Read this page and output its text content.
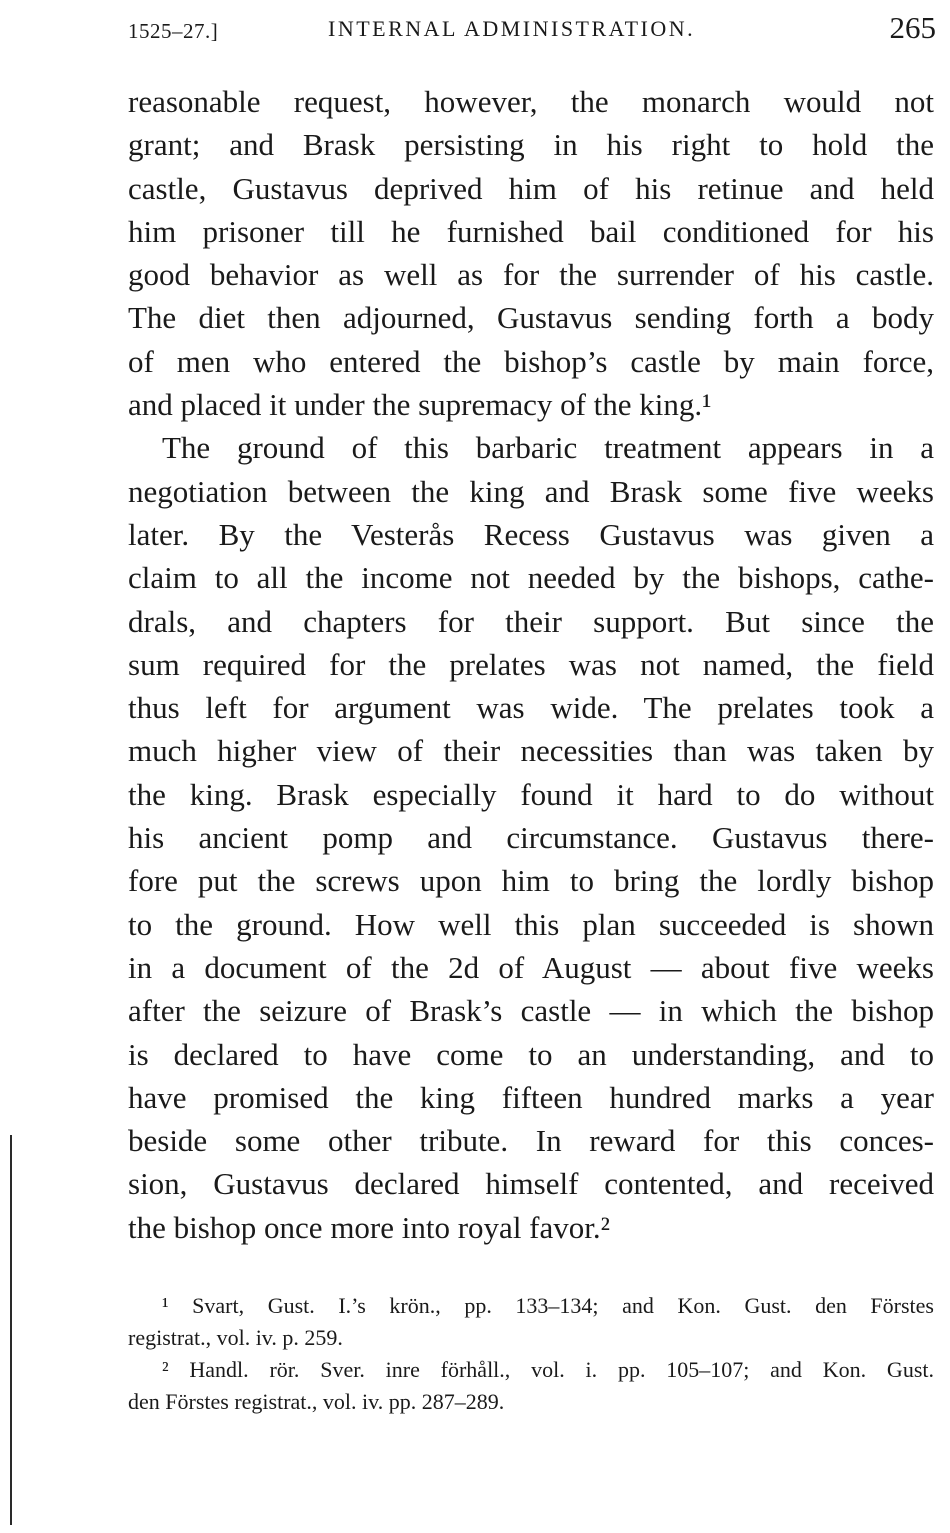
1525–27.]	INTERNAL ADMINISTRATION.	265
reasonable request, however, the monarch would not
grant; and Brask persisting in his right to hold the
castle, Gustavus deprived him of his retinue and held
him prisoner till he furnished bail conditioned for his
good behavior as well as for the surrender of his castle.
The diet then adjourned, Gustavus sending forth a body
of men who entered the bishop’s castle by main force,
and placed it under the supremacy of the king.¹
The ground of this barbaric treatment appears in a
negotiation between the king and Brask some five weeks
later. By the Vesterås Recess Gustavus was given a
claim to all the income not needed by the bishops, cathe-
drals, and chapters for their support. But since the
sum required for the prelates was not named, the field
thus left for argument was wide. The prelates took a
much higher view of their necessities than was taken by
the king. Brask especially found it hard to do without
his ancient pomp and circumstance. Gustavus there-
fore put the screws upon him to bring the lordly bishop
to the ground. How well this plan succeeded is shown
in a document of the 2d of August — about five weeks
after the seizure of Brask’s castle — in which the bishop
is declared to have come to an understanding, and to
have promised the king fifteen hundred marks a year
beside some other tribute. In reward for this conces-
sion, Gustavus declared himself contented, and received
the bishop once more into royal favor.²
¹ Svart, Gust. I.’s krön., pp. 133–134; and Kon. Gust. den Förstes
registrat., vol. iv. p. 259.
² Handl. rör. Sver. inre förhåll., vol. i. pp. 105–107; and Kon. Gust.
den Förstes registrat., vol. iv. pp. 287–289.
